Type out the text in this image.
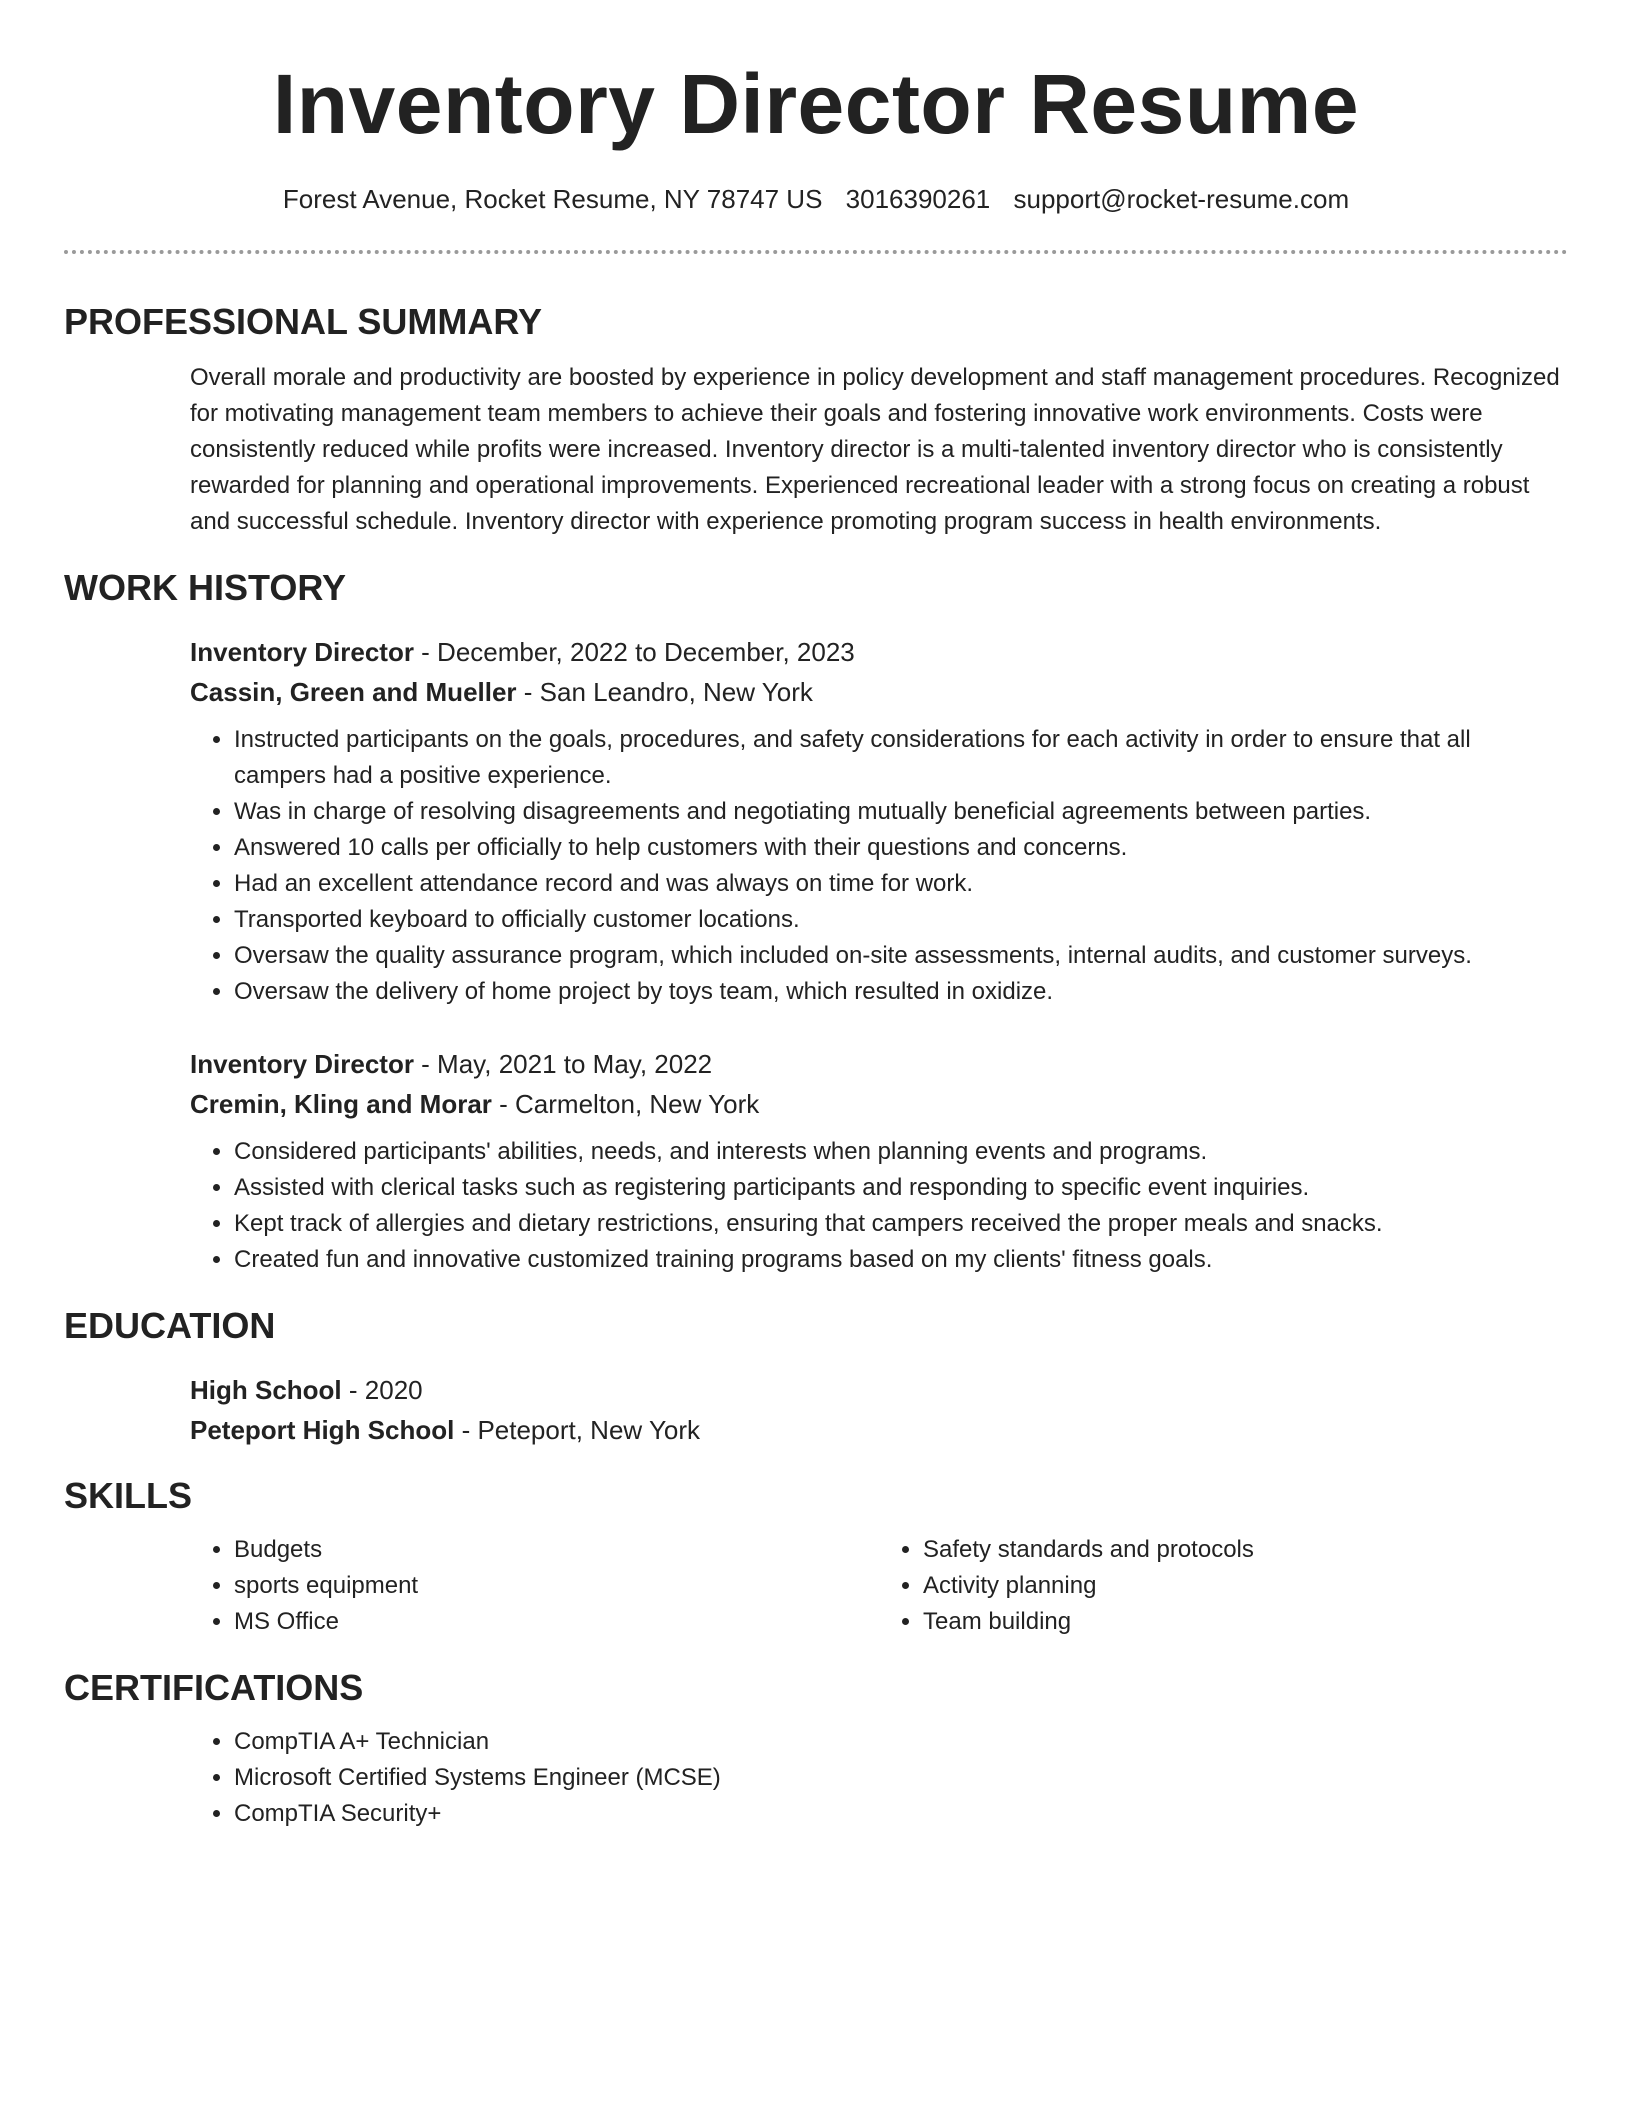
Inventory Director Resume
Forest Avenue, Rocket Resume, NY 78747 US 3016390261 support@rocket-resume.com
PROFESSIONAL SUMMARY

Overall morale and productivity are boosted by experience in policy development and staff management procedures. Recognized for motivating management team members to achieve their goals and fostering innovative work environments. Costs were consistently reduced while profits were increased. Inventory director is a multi-talented inventory director who is consistently rewarded for planning and operational improvements. Experienced recreational leader with a strong focus on creating a robust and successful schedule. Inventory director with experience promoting program success in health environments.

WORK HISTORY
Inventory Director - December, 2022 to December, 2023
Cassin, Green and Mueller - San Leandro, New York
• Instructed participants on the goals, procedures, and safety considerations for each activity in order to ensure that all campers had a positive experience.
• Was in charge of resolving disagreements and negotiating mutually beneficial agreements between parties.
• Answered 10 calls per officially to help customers with their questions and concerns.
• Had an excellent attendance record and was always on time for work.
• Transported keyboard to officially customer locations.
• Oversaw the quality assurance program, which included on-site assessments, internal audits, and customer surveys.
• Oversaw the delivery of home project by toys team, which resulted in oxidize.
Inventory Director - May, 2021 to May, 2022
Cremin, Kling and Morar - Carmelton, New York
• Considered participants' abilities, needs, and interests when planning events and programs.
• Assisted with clerical tasks such as registering participants and responding to specific event inquiries.
• Kept track of allergies and dietary restrictions, ensuring that campers received the proper meals and snacks.
• Created fun and innovative customized training programs based on my clients' fitness goals.
EDUCATION
High School - 2020
Peteport High School - Peteport, New York
SKILLS
• Budgets
• sports equipment
• MS Office
• Safety standards and protocols
• Activity planning
• Team building
CERTIFICATIONS
• CompTIA A+ Technician
• Microsoft Certified Systems Engineer (MCSE)
• CompTIA Security+
